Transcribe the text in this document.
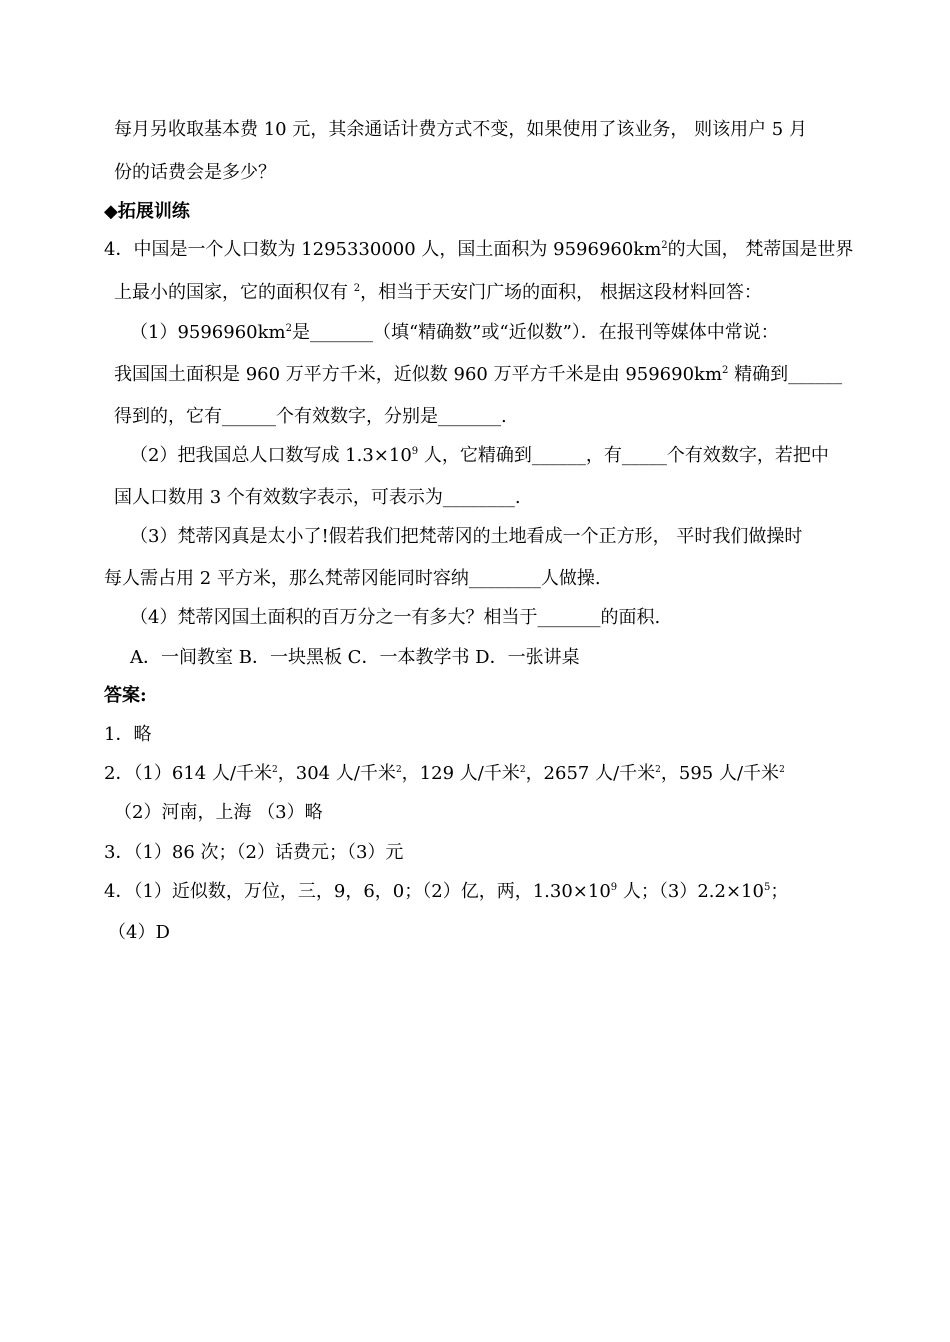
每月另收取基本费 10 元，其余通话计费方式不变，如果使用了该业务， 则该用户 5 月
份的话费会是多少？
◆拓展训练
4．中国是一个人口数为 1295330000 人，国土面积为 $9596960km^2$的大国， 梵蒂国是世界
上最小的国家，它的面积仅有 $^2$，相当于天安门广场的面积， 根据这段材料回答：
$(1)9596960km^2$是_______（填“精确数”或“近似数”）．在报刊等媒体中常说：
我国国土面积是 960 万平方千米，近似数 960 万平方千米是由 $959690km^2$ 精确到______
得到的，它有______个有效数字，分别是_______.
（2）把我国总人口数写成 $1.3\times 10^9$ 人，它精确到______，有_____个有效数字，若把中
国人口数用 3 个有效数字表示，可表示为________.
（3）梵蒂冈真是太小了!假若我们把梵蒂冈的土地看成一个正方形， 平时我们做操时
每人需占用 2 平方米，那么梵蒂冈能同时容纳________人做操.
（4）梵蒂冈国土面积的百万分之一有多大？相当于_______的面积.
A．一间教室 B．一块黑板 C．一本教学书 D．一张讲桌
答案:
1．略
2．（1）614 人/千米$^2$，304 人/千米$^2$，129 人/千米$^2$，2657 人/千米$^2$，595 人/千米$^2$
（2）河南，上海 （3）略
3．（1）86 次；（2）话费元；（3）元
4．（1）近似数，万位，三，9，6，0；（2）亿，两，$1.30\times 10^9$ 人；$(3)2.2\times 10^5$；
（4）D
